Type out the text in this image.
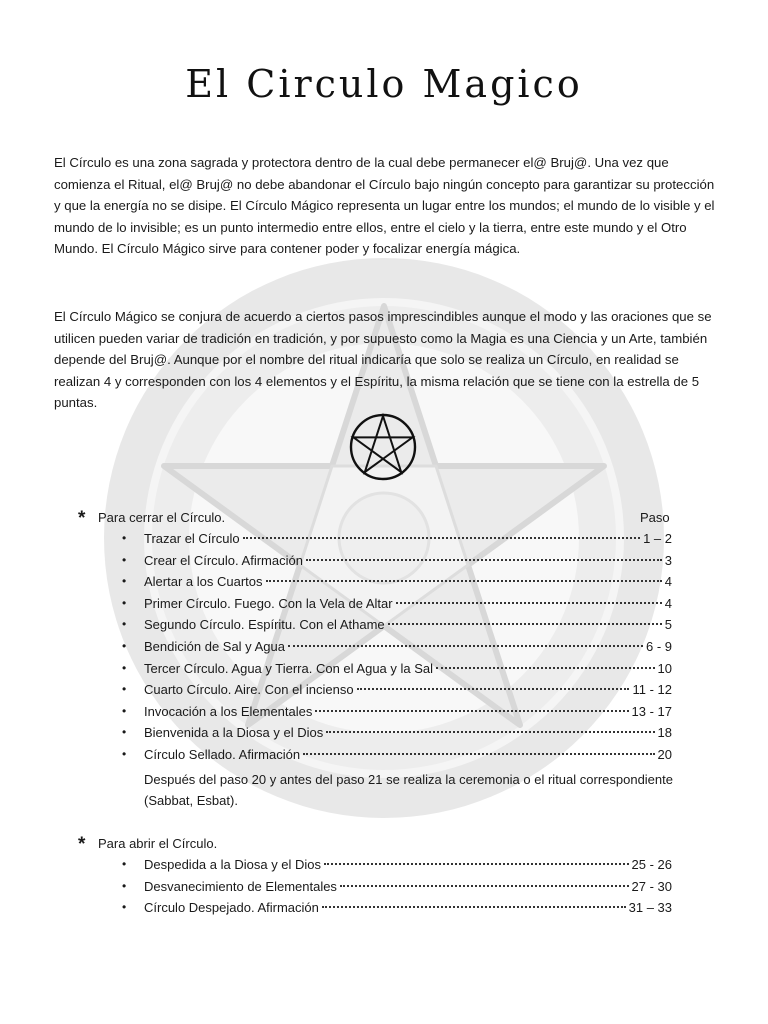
El Circulo Magico

El Círculo es una zona sagrada y protectora dentro de la cual debe permanecer el@ Bruj@. Una vez que comienza el Ritual, el@ Bruj@ no debe abandonar el Círculo bajo ningún concepto para garantizar su protección y que la energía no se disipe. El Círculo Mágico representa un lugar entre los mundos; el mundo de lo visible y el mundo de lo invisible; es un punto intermedio entre ellos, entre el cielo y la tierra, entre este mundo y el Otro Mundo. El Círculo Mágico sirve para contener poder y focalizar energía mágica.

El Círculo Mágico se conjura de acuerdo a ciertos pasos imprescindibles aunque el modo y las oraciones que se utilicen pueden variar de tradición en tradición, y por supuesto como la Magia es una Ciencia y un Arte, también depende del Bruj@. Aunque por el nombre del ritual indicaría que solo se realiza un Círculo, en realidad se realizan 4 y corresponden con los 4 elementos y el Espíritu, la misma relación que se tiene con la estrella de 5 puntas.

* Para cerrar el Círculo.	Paso
• Trazar el Círculo	1 – 2
• Crear el Círculo. Afirmación	3
• Alertar a los Cuartos	4
• Primer Círculo. Fuego. Con la Vela de Altar	4
• Segundo Círculo. Espíritu. Con el Athame	5
• Bendición de Sal y Agua	6 - 9
• Tercer Círculo. Agua y Tierra. Con el Agua y la Sal	10
• Cuarto Círculo. Aire. Con el incienso	11 - 12
• Invocación a los Elementales	13 - 17
• Bienvenida a la Diosa y el Dios	18
• Círculo Sellado. Afirmación	20
Después del paso 20 y antes del paso 21 se realiza la ceremonia o el ritual correspondiente (Sabbat, Esbat).
* Para abrir el Círculo.
• Despedida a la Diosa y el Dios	25 - 26
• Desvanecimiento de Elementales	27 - 30
• Círculo Despejado. Afirmación	31 – 33
